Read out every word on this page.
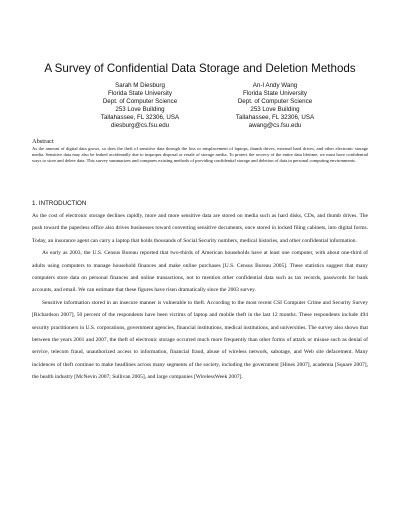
A Survey of Confidential Data Storage and Deletion Methods
Sarah M Diesburg
Florida State University
Dept. of Computer Science
253 Love Building
Tallahassee, FL 32306, USA
diesburg@cs.fsu.edu
An-I Andy Wang
Florida State University
Dept. of Computer Science
253 Love Building
Tallahassee, FL 32306, USA
awang@cs.fsu.edu
Abstract
As the amount of digital data grows, so does the theft of sensitive data through the loss or misplacement of laptops, thumb drives, external hard drives, and other electronic storage media. Sensitive data may also be leaked accidentally due to improper disposal or resale of storage media. To protect the secrecy of the entire data lifetime, we must have confidential ways to store and delete data. This survey summarizes and compares existing methods of providing confidential storage and deletion of data in personal computing environments.
1. INTRODUCTION

As the cost of electronic storage declines rapidly, more and more sensitive data are stored on media such as hard disks, CDs, and thumb drives. The push toward the paperless office also drives businesses toward converting sensitive documents, once stored in locked filing cabinets, into digital forms. Today, an insurance agent can carry a laptop that holds thousands of Social Security numbers, medical histories, and other confidential information.

As early as 2003, the U.S. Census Bureau reported that two-thirds of American households have at least one computer, with about one-third of adults using computers to manage household finances and make online purchases [U.S. Census Bureau 2005]. These statistics suggest that many computers store data on personal finances and online transactions, not to mention other confidential data such as tax records, passwords for bank accounts, and email. We can estimate that these figures have risen dramatically since the 2003 survey.

Sensitive information stored in an insecure manner is vulnerable to theft. According to the most recent CSI Computer Crime and Security Survey [Richardson 2007], 50 percent of the respondents have been victims of laptop and mobile theft in the last 12 months. These respondents include 494 security practitioners in U.S. corporations, government agencies, financial institutions, medical institutions, and universities. The survey also shows that between the years 2001 and 2007, the theft of electronic storage occurred much more frequently than other forms of attack or misuse such as denial of service, telecom fraud, unauthorized access to information, financial fraud, abuse of wireless network, sabotage, and Web site defacement. Many incidences of theft continue to make headlines across many segments of the society, including the government [Hines 2007], academia [Square 2007], the health industry [McNevin 2007; Sullivan 2005], and large companies [WirelessWeek 2007].
